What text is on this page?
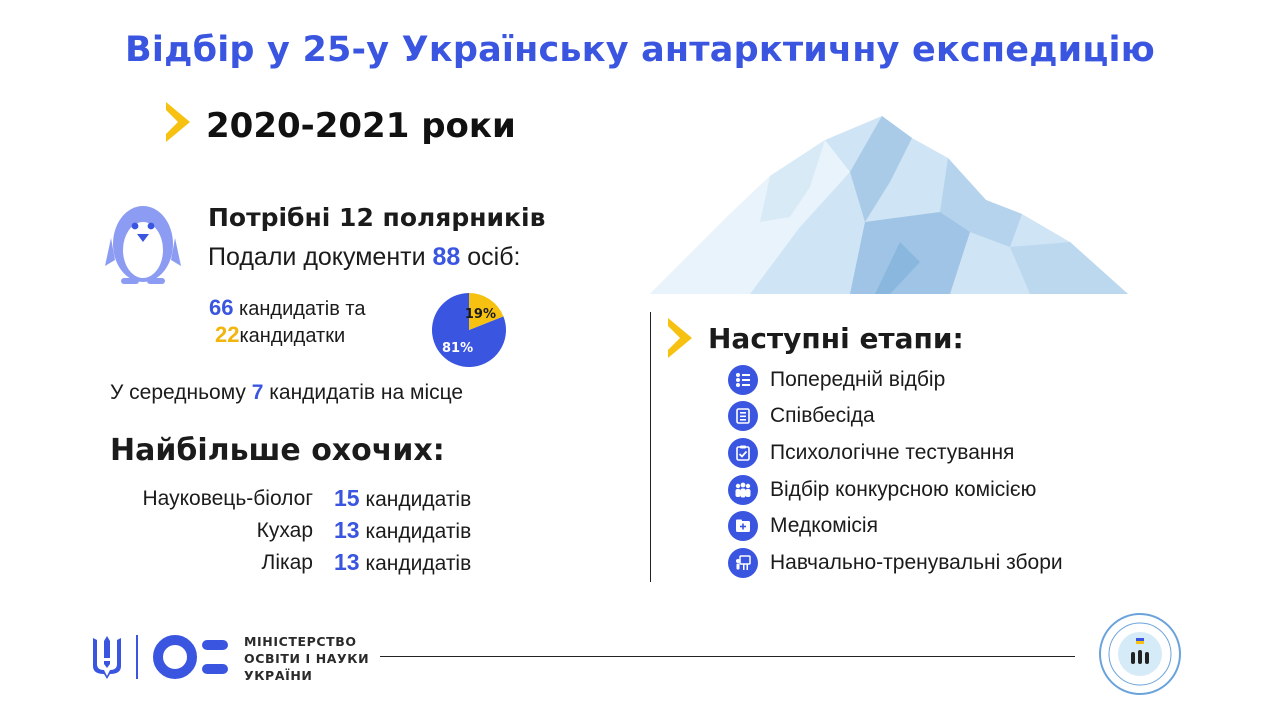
Відбір у 25-у Українську антарктичну експедицію
2020-2021 роки
Потрібні 12 полярників
Подали документи 88 осіб:
66 кандидатів та
22кандидатки
81%
19%
У середньому 7 кандидатів на місце
Найбільше охочих:
Науковець-біолог 15 кандидатів
Кухар 13 кандидатів
Лікар 13 кандидатів
Наступні етапи:
Попередній відбір
Співбесіда
Психологічне тестування
Відбір конкурсною комісією
Медкомісія
Навчально-тренувальні збори
МІНІСТЕРСТВО
ОСВІТИ І НАУКИ
УКРАЇНИ
